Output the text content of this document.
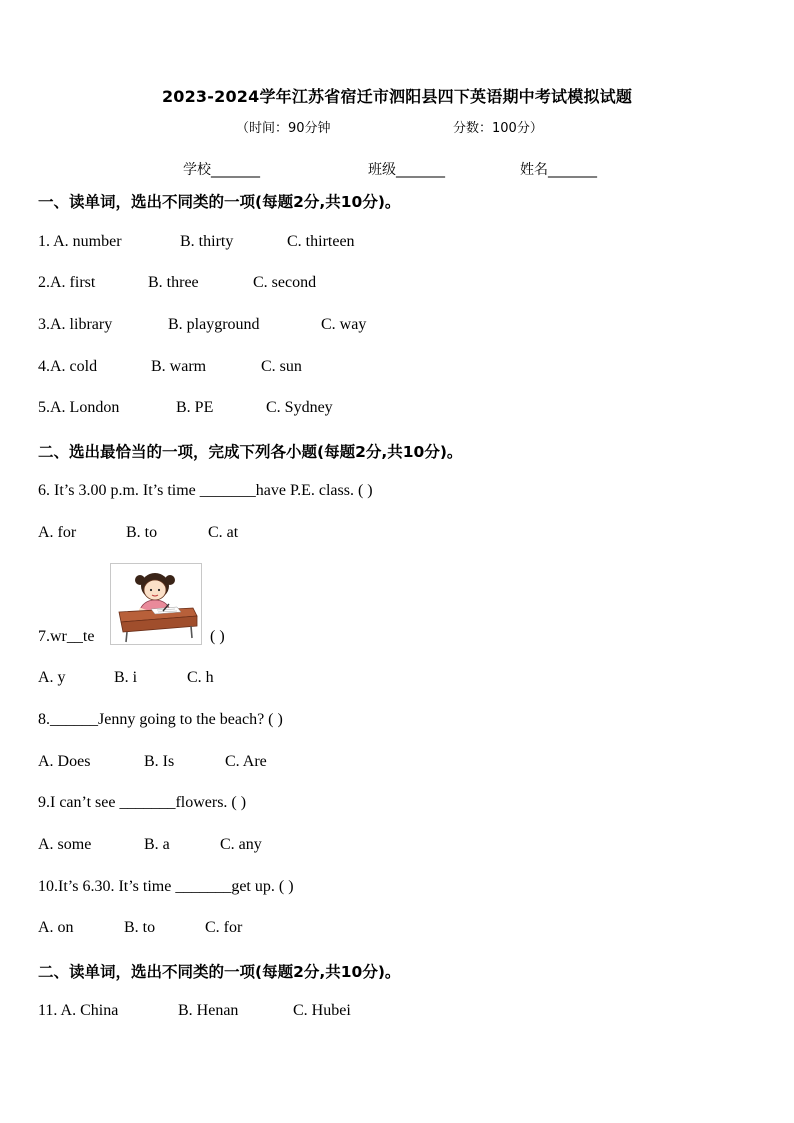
2023-2024学年江苏省宿迁市泗阳县四下英语期中考试模拟试题
（时间：90分钟	分数：100分）
学校_______	班级_______	姓名_______
一、读单词，选出不同类的一项(每题2分,共10分)。
1. A. number	B. thirty	C. thirteen
2.A. first	B. three	C. second
3.A. library	B. playground	C. way
4.A. cold	B. warm	C. sun
5.A. London	B. PE	C. Sydney
二、选出最恰当的一项，完成下列各小题(每题2分,共10分)。
6. It’s 3.00 p.m. It’s time _______have P.E. class. ( )
A. for	B. to	C. at
7.wr__te	( )
A. y	B. i	C. h
8.______Jenny going to the beach? ( )
A. Does	B. Is	C. Are
9.I can’t see _______flowers. ( )
A. some	B. a	C. any
10.It’s 6.30. It’s time _______get up. ( )
A. on	B. to	C. for
二、读单词，选出不同类的一项(每题2分,共10分)。
11. A. China	B. Henan	C. Hubei
